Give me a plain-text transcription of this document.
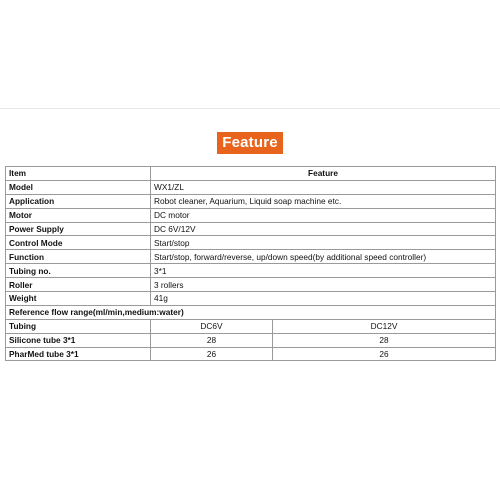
Feature
Item	Feature	
Model	WX1/ZL	
Application	Robot cleaner, Aquarium, Liquid soap machine etc.	
Motor	DC motor	
Power Supply	DC 6V/12V	
Control Mode	Start/stop	
Function	Start/stop, forward/reverse, up/down speed(by additional speed controller)	
Tubing no.	3*1	
Roller	3 rollers	
Weight	41g	
Reference flow range(ml/min,medium:water)		
Tubing	DC6V	DC12V
Silicone tube 3*1	28	28
PharMed tube 3*1	26	26
